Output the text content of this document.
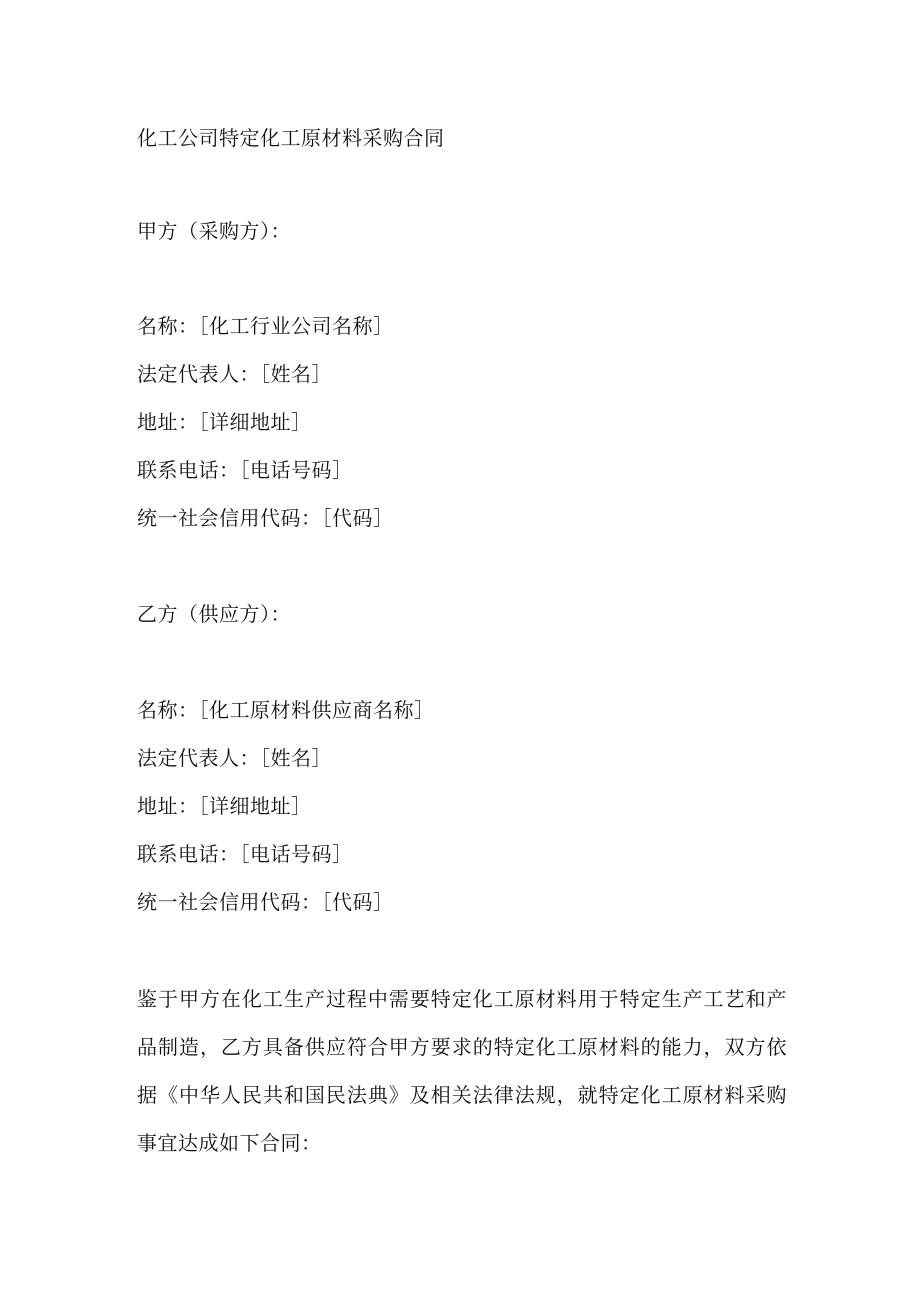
化工公司特定化工原材料采购合同
甲方（采购方）：
名称：［化工行业公司名称］
法定代表人：［姓名］
地址：［详细地址］
联系电话：［电话号码］
统一社会信用代码：［代码］
乙方（供应方）：
名称：［化工原材料供应商名称］
法定代表人：［姓名］
地址：［详细地址］
联系电话：［电话号码］
统一社会信用代码：［代码］
鉴于甲方在化工生产过程中需要特定化工原材料用于特定生产工艺和产品制造，乙方具备供应符合甲方要求的特定化工原材料的能力，双方依据《中华人民共和国民法典》及相关法律法规，就特定化工原材料采购事宜达成如下合同：
